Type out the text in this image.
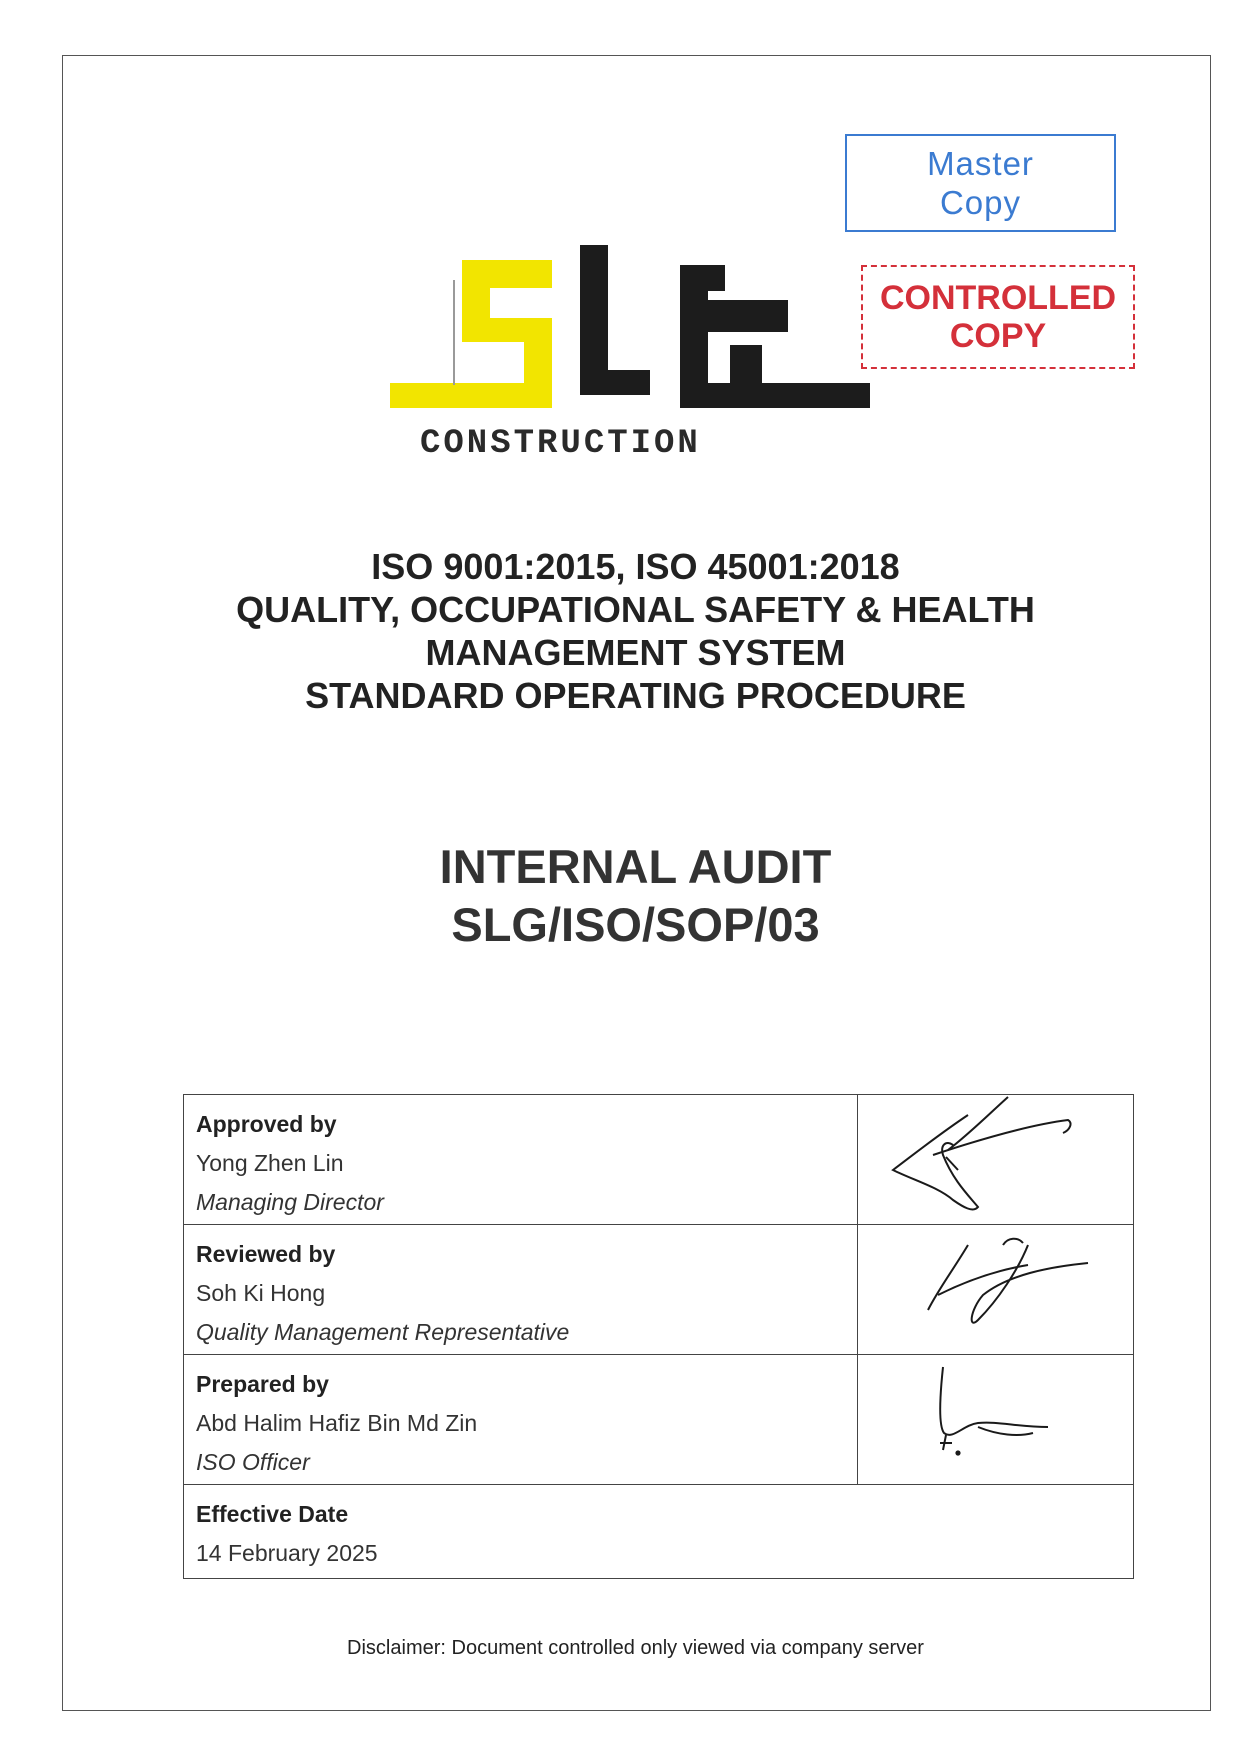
Master
Copy
CONTROLLED
COPY
CONSTRUCTION
ISO 9001:2015, ISO 45001:2018
QUALITY, OCCUPATIONAL SAFETY & HEALTH
MANAGEMENT SYSTEM
STANDARD OPERATING PROCEDURE
INTERNAL AUDIT
SLG/ISO/SOP/03
Approved by
Yong Zhen Lin
Managing Director
Reviewed by
Soh Ki Hong
Quality Management Representative
Prepared by
Abd Halim Hafiz Bin Md Zin
ISO Officer
Effective Date
14 February 2025
Disclaimer: Document controlled only viewed via company server
